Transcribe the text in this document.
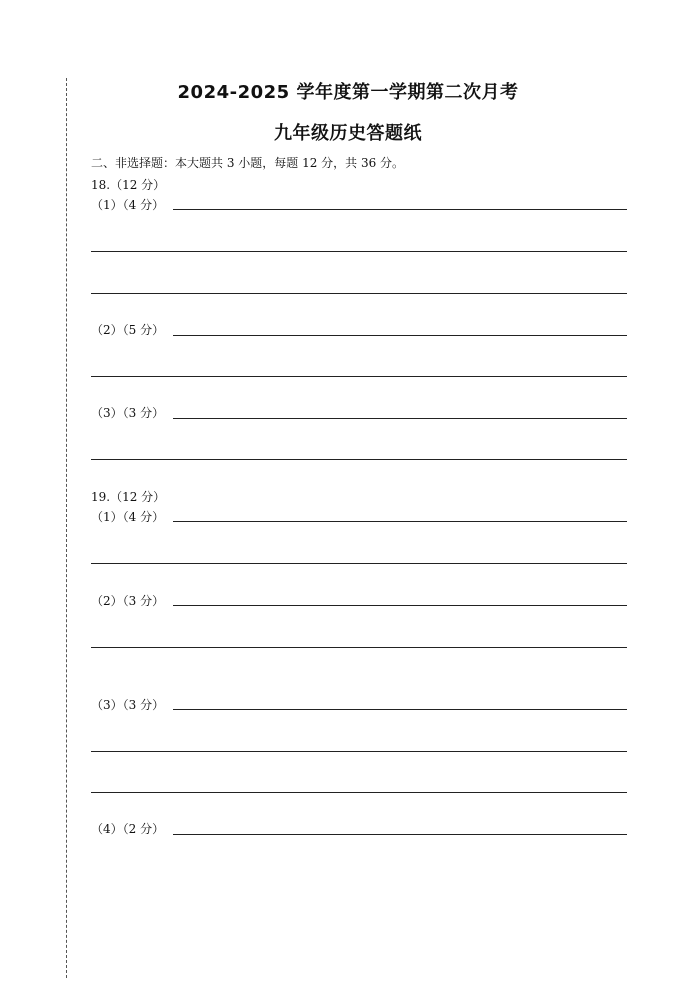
2024-2025 学年度第一学期第二次月考
九年级历史答题纸
二、非选择题：本大题共 3 小题，每题 12 分，共 36 分。
18.（12 分）
（1）（4 分）
（2）（5 分）
（3）（3 分）
19.（12 分）
（1）（4 分）
（2）（3 分）
（3）（3 分）
（4）（2 分）
